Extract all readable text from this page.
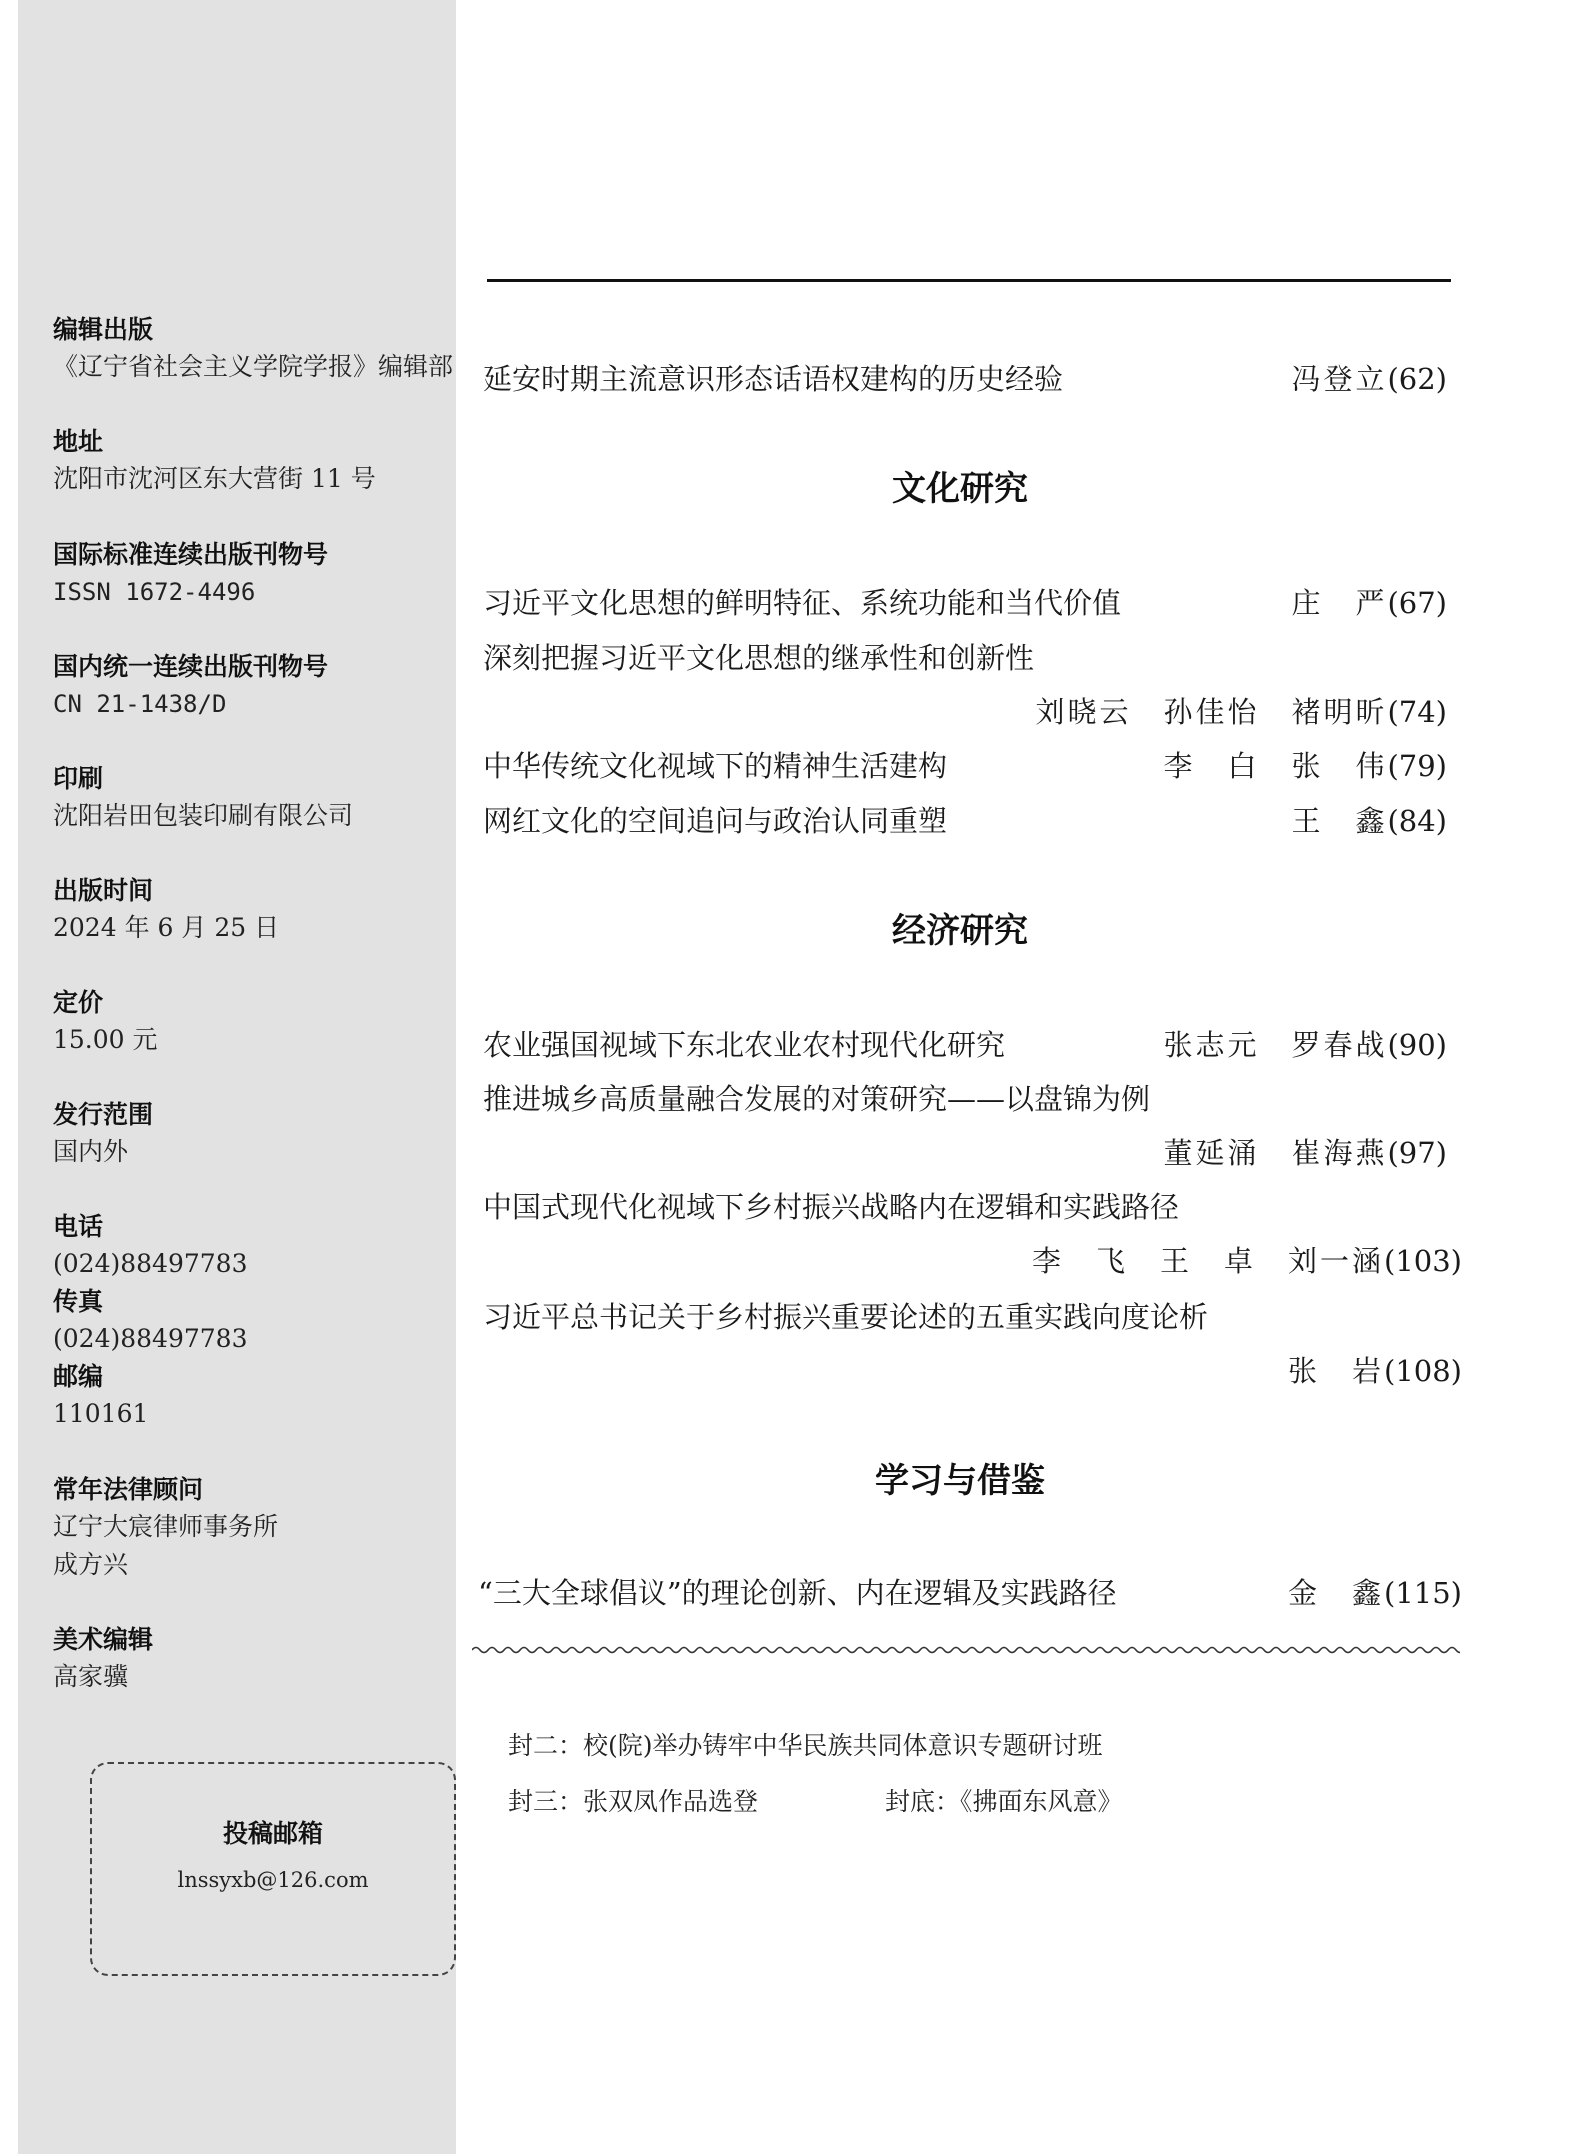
编辑出版
《辽宁省社会主义学院学报》编辑部
地址
沈阳市沈河区东大营街 11 号
国际标准连续出版刊物号
ISSN 1672-4496
国内统一连续出版刊物号
CN 21-1438/D
印刷
沈阳岩田包装印刷有限公司
出版时间
2024 年 6 月 25 日
定价
15.00 元
发行范围
国内外
电话
(024)88497783
传真
(024)88497783
邮编
110161
常年法律顾问
辽宁大宸律师事务所
成方兴
美术编辑
高家骥
投稿邮箱
lnssyxb@126.com
延安时期主流意识形态话语权建构的历史经验	冯登立(62)
文化研究
习近平文化思想的鲜明特征、系统功能和当代价值	庄　严(67)
深刻把握习近平文化思想的继承性和创新性
刘晓云　孙佳怡　褚明昕(74)
中华传统文化视域下的精神生活建构	李　白　张　伟(79)
网红文化的空间追问与政治认同重塑	王　鑫(84)
经济研究
农业强国视域下东北农业农村现代化研究	张志元　罗春战(90)
推进城乡高质量融合发展的对策研究——以盘锦为例
董延涌　崔海燕(97)
中国式现代化视域下乡村振兴战略内在逻辑和实践路径
李　飞　王　卓　刘一涵(103)
习近平总书记关于乡村振兴重要论述的五重实践向度论析
张　岩(108)
学习与借鉴
“三大全球倡议”的理论创新、内在逻辑及实践路径	金　鑫(115)
封二：校(院)举办铸牢中华民族共同体意识专题研讨班
封三：张双凤作品选登	封底：《拂面东风意》
